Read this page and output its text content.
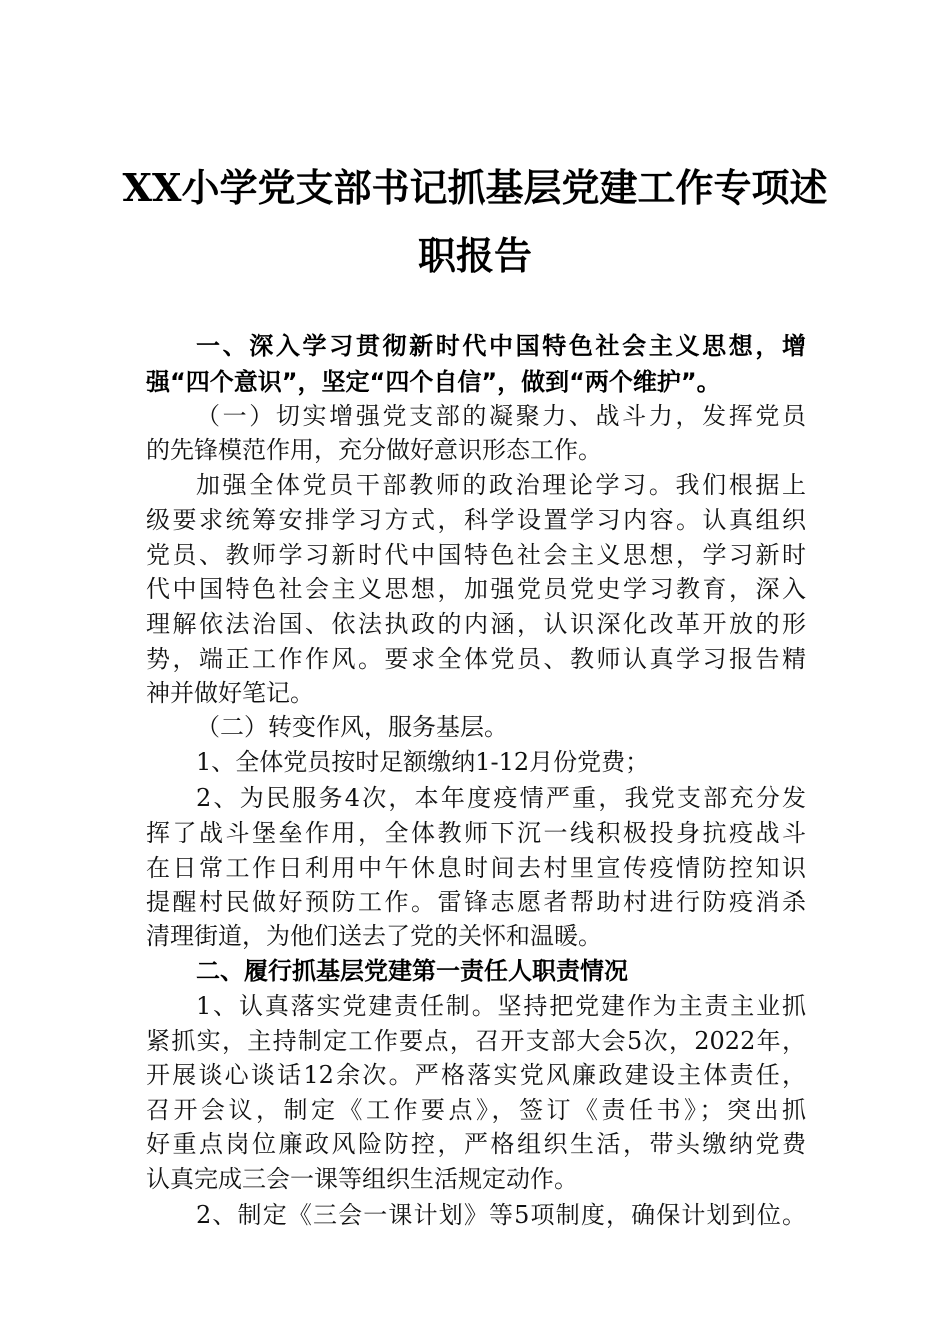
XX小学党支部书记抓基层党建工作专项述
职报告
一、深入学习贯彻新时代中国特色社会主义思想，增
强“四个意识”，坚定“四个自信”，做到“两个维护”。
（一）切实增强党支部的凝聚力、战斗力，发挥党员
的先锋模范作用，充分做好意识形态工作。
加强全体党员干部教师的政治理论学习。我们根据上
级要求统筹安排学习方式，科学设置学习内容。认真组织
党员、教师学习新时代中国特色社会主义思想，学习新时
代中国特色社会主义思想，加强党员党史学习教育，深入
理解依法治国、依法执政的内涵，认识深化改革开放的形
势，端正工作作风。要求全体党员、教师认真学习报告精
神并做好笔记。
（二）转变作风，服务基层。
1、全体党员按时足额缴纳1-12月份党费；
2、为民服务4次，本年度疫情严重，我党支部充分发
挥了战斗堡垒作用，全体教师下沉一线积极投身抗疫战斗
在日常工作日利用中午休息时间去村里宣传疫情防控知识
提醒村民做好预防工作。雷锋志愿者帮助村进行防疫消杀
清理街道，为他们送去了党的关怀和温暖。
二、履行抓基层党建第一责任人职责情况
1、认真落实党建责任制。坚持把党建作为主责主业抓
紧抓实，主持制定工作要点，召开支部大会5次，2022年，
开展谈心谈话12余次。严格落实党风廉政建设主体责任，
召开会议，制定《工作要点》，签订《责任书》；突出抓
好重点岗位廉政风险防控，严格组织生活，带头缴纳党费
认真完成三会一课等组织生活规定动作。
2、制定《三会一课计划》等5项制度，确保计划到位。
